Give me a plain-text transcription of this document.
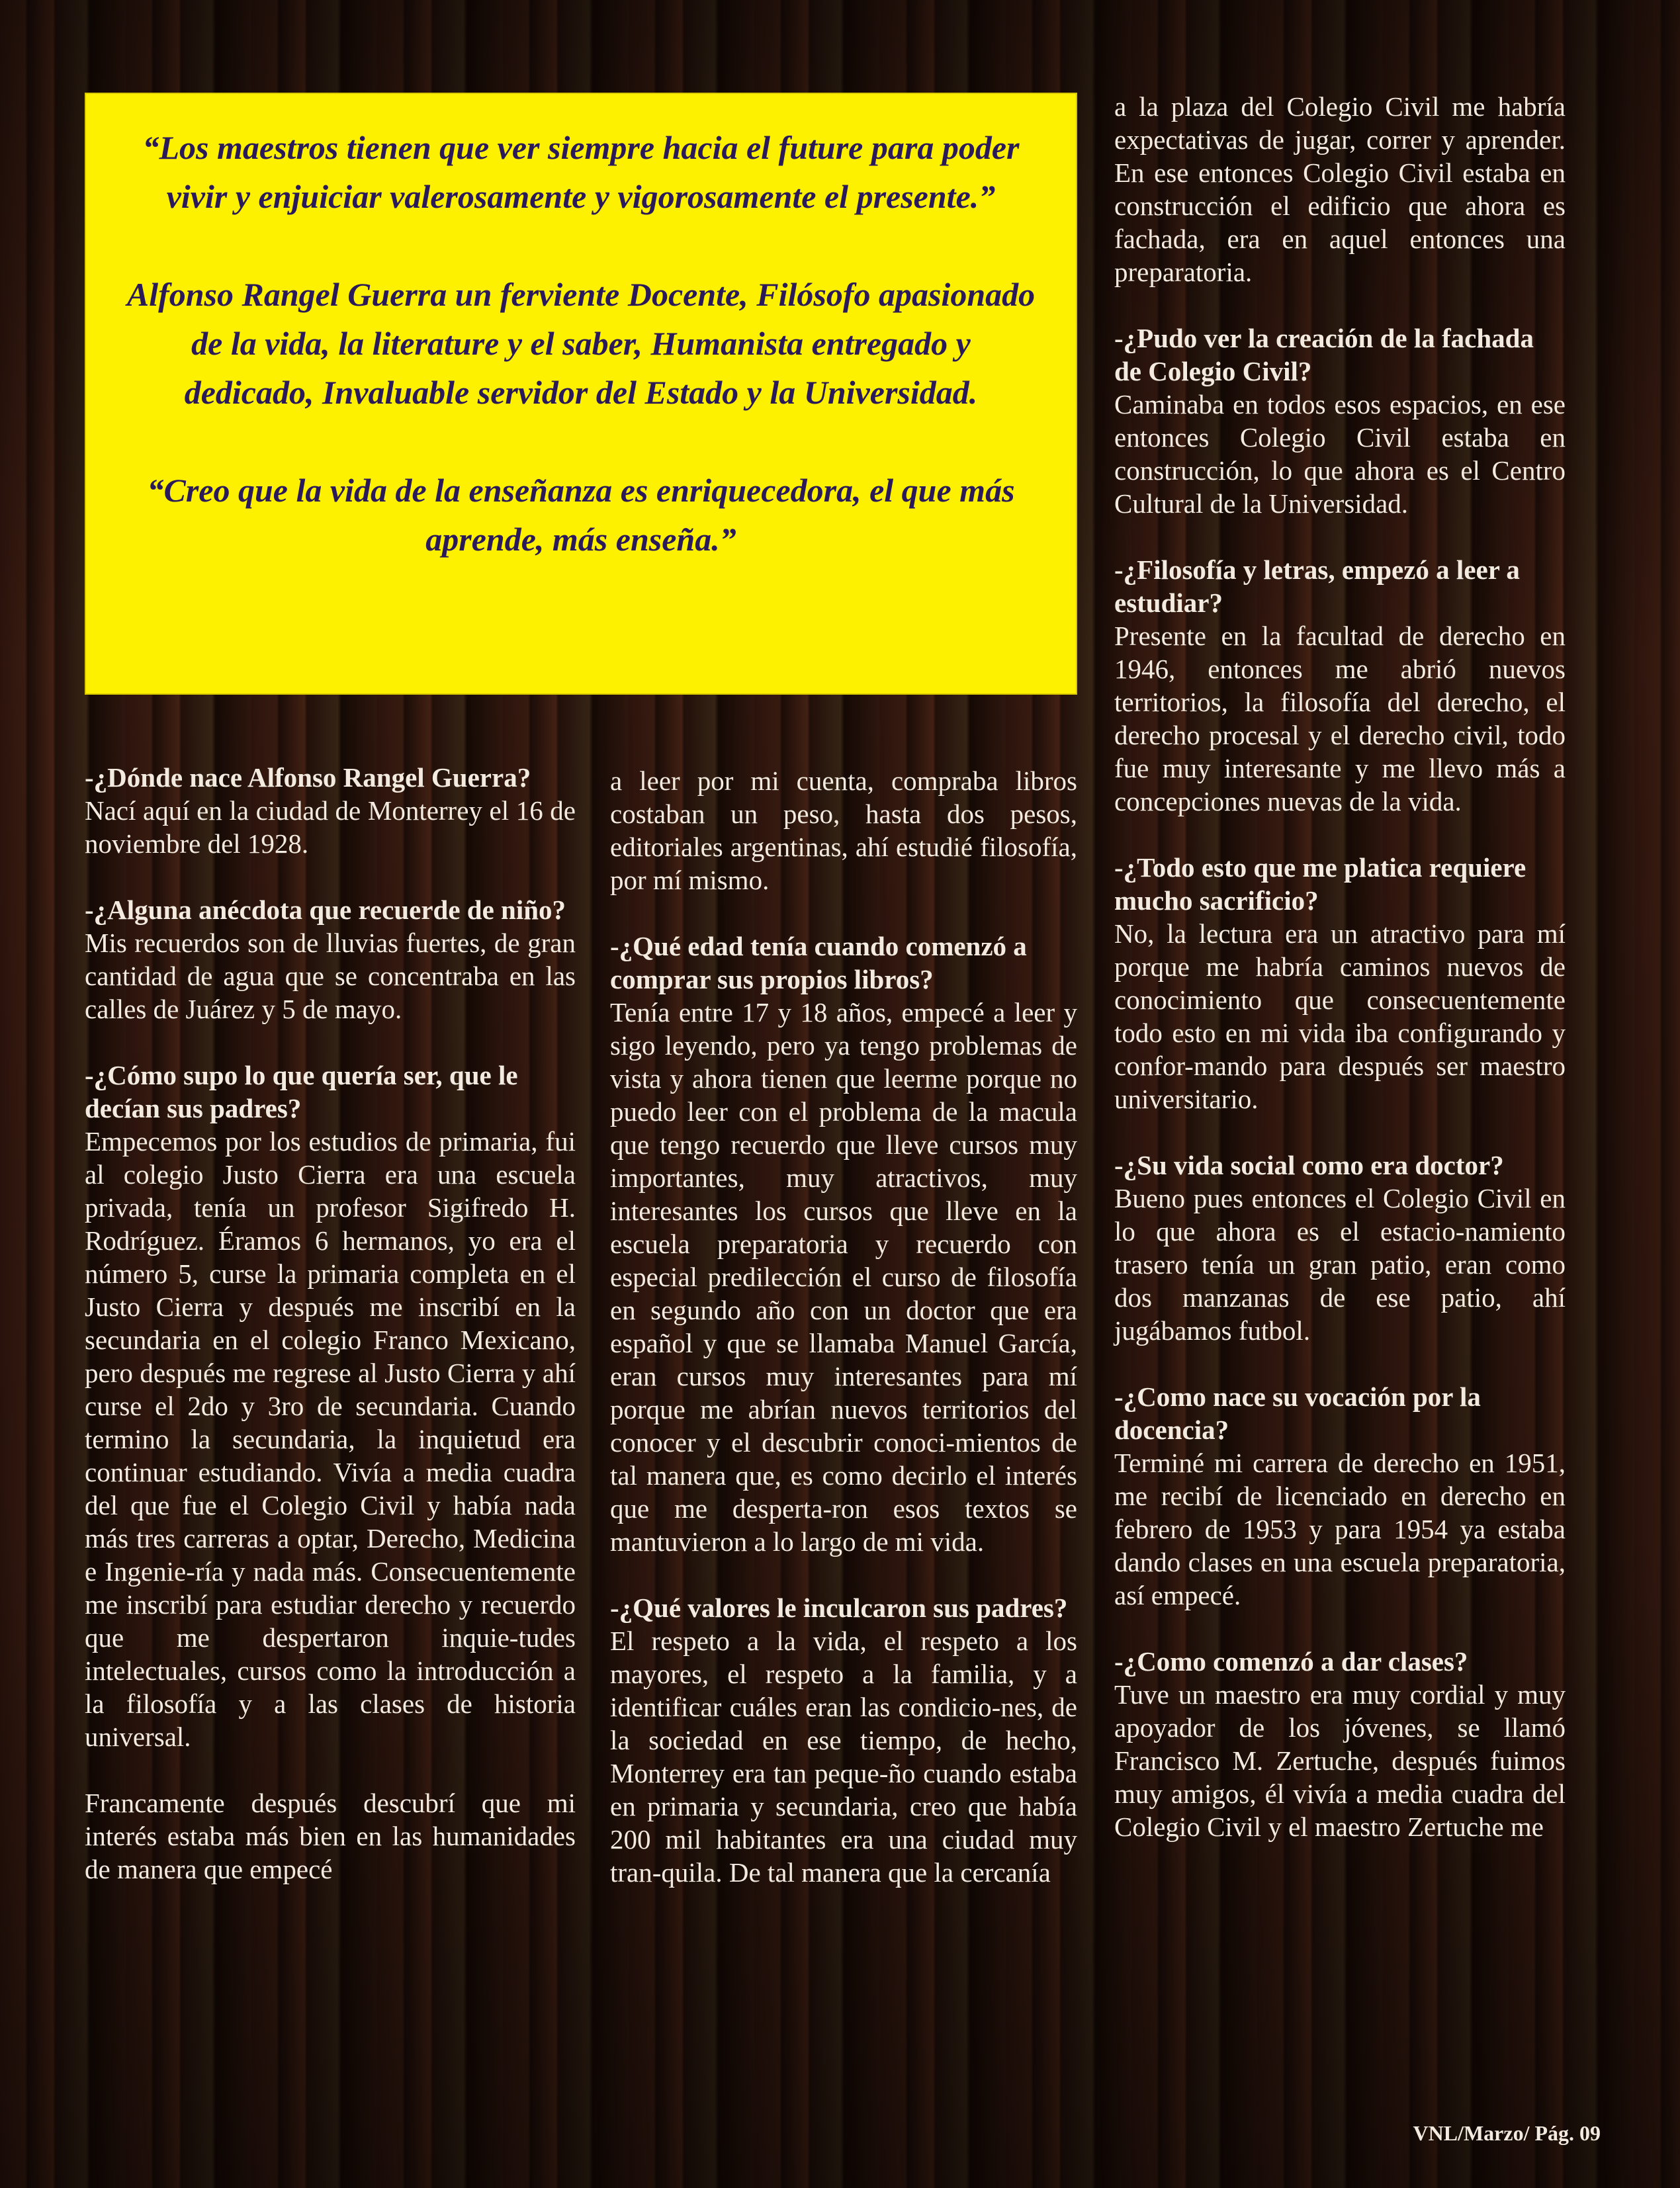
“Los maestros tienen que ver siempre hacia el future para poder vivir y enjuiciar valerosamente y vigorosamente el presente.”

Alfonso Rangel Guerra un ferviente Docente, Filósofo apasionado de la vida, la literature y el saber, Humanista entregado y dedicado, Invaluable servidor del Estado y la Universidad.

“Creo que la vida de la enseñanza es enriquecedora, el que más aprende, más enseña.”

-¿Dónde nace Alfonso Rangel Guerra?
Nací aquí en la ciudad de Monterrey el 16 de noviembre del 1928.
-¿Alguna anécdota que recuerde de niño?
Mis recuerdos son de lluvias fuertes, de gran cantidad de agua que se concentraba en las calles de Juárez y 5 de mayo.
-¿Cómo supo lo que quería ser, que le decían sus padres?
Empecemos por los estudios de primaria, fui al colegio Justo Cierra era una escuela privada, tenía un profesor Sigifredo H. Rodríguez. Éramos 6 hermanos, yo era el número 5, curse la primaria completa en el Justo Cierra y después me inscribí en la secundaria en el colegio Franco Mexicano, pero después me regrese al Justo Cierra y ahí curse el 2do y 3ro de secundaria. Cuando termino la secundaria, la inquietud era continuar estudiando. Vivía a media cuadra del que fue el Colegio Civil y había nada más tres carreras a optar, Derecho, Medicina e Ingenie-ría y nada más. Consecuentemente me inscribí para estudiar derecho y recuerdo que me despertaron inquie-tudes intelectuales, cursos como la introducción a la filosofía y a las clases de historia universal.
Francamente después descubrí que mi interés estaba más bien en las humanidades de manera que empecé
a leer por mi cuenta, compraba libros costaban un peso, hasta dos pesos, editoriales argentinas, ahí estudié filosofía, por mí mismo.
-¿Qué edad tenía cuando comenzó a comprar sus propios libros?
Tenía entre 17 y 18 años, empecé a leer y sigo leyendo, pero ya tengo problemas de vista y ahora tienen que leerme porque no puedo leer con el problema de la macula que tengo recuerdo que lleve cursos muy importantes, muy atractivos, muy interesantes los cursos que lleve en la escuela preparatoria y recuerdo con especial predilección el curso de filosofía en segundo año con un doctor que era español y que se llamaba Manuel García, eran cursos muy interesantes para mí porque me abrían nuevos territorios del conocer y el descubrir conoci-mientos de tal manera que, es como decirlo el interés que me desperta-ron esos textos se mantuvieron a lo largo de mi vida.
-¿Qué valores le inculcaron sus padres?
El respeto a la vida, el respeto a los mayores, el respeto a la familia, y a identificar cuáles eran las condicio-nes, de la sociedad en ese tiempo, de hecho, Monterrey era tan peque-ño cuando estaba en primaria y secundaria, creo que había 200 mil habitantes era una ciudad muy tran-quila. De tal manera que la cercanía
a la plaza del Colegio Civil me habría expectativas de jugar, correr y aprender. En ese entonces Colegio Civil estaba en construcción el edificio que ahora es fachada, era en aquel entonces una preparatoria.
-¿Pudo ver la creación de la fachada de Colegio Civil?
Caminaba en todos esos espacios, en ese entonces Colegio Civil estaba en construcción, lo que ahora es el Centro Cultural de la Universidad.
-¿Filosofía y letras, empezó a leer a estudiar?
Presente en la facultad de derecho en 1946, entonces me abrió nuevos territorios, la filosofía del derecho, el derecho procesal y el derecho civil, todo fue muy interesante y me llevo más a concepciones nuevas de la vida.
-¿Todo esto que me platica requiere mucho sacrificio?
No, la lectura era un atractivo para mí porque me habría caminos nuevos de conocimiento que consecuentemente todo esto en mi vida iba configurando y confor-mando para después ser maestro universitario.
-¿Su vida social como era doctor?
Bueno pues entonces el Colegio Civil en lo que ahora es el estacio-namiento trasero tenía un gran patio, eran como dos manzanas de ese patio, ahí jugábamos futbol.
-¿Como nace su vocación por la docencia?
Terminé mi carrera de derecho en 1951, me recibí de licenciado en derecho en febrero de 1953 y para 1954 ya estaba dando clases en una escuela preparatoria, así empecé.
-¿Como comenzó a dar clases?
Tuve un maestro era muy cordial y muy apoyador de los jóvenes, se llamó Francisco M. Zertuche, después fuimos muy amigos, él vivía a media cuadra del Colegio Civil y el maestro Zertuche me
VNL/Marzo/ Pág. 09
